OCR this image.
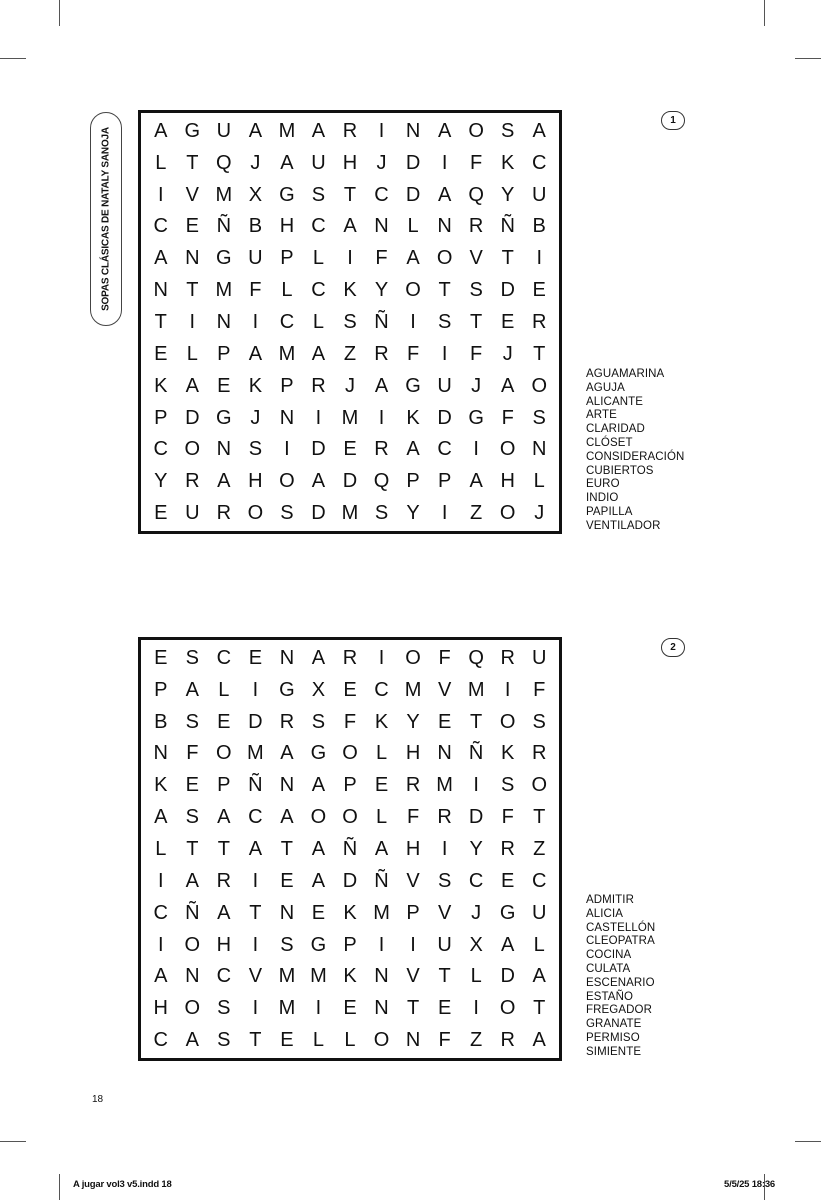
SOPAS CLÁSICAS DE NATALY SANOJA	A G U A M A R	I	N A O S A
L T Q J A U H J D	I	F K C
I	V M X G S T C D A Q Y U
C E Ñ B H C A N L N R Ñ B
A N G U P L	I	F A O V T	I
N T M F L C K Y O T S D E
T	I	N	I	C L S Ñ	I	S T E R
E L P A M A Z R F	I	F	J	T
K A E K P R J A G U J A O
P D G J N	I	M	I	K D G F S
C O N S	I	D E R A C	I	O N
Y R A H O A D Q P P A H L
E U R O S D M S Y	I	Z O J
1
AGUAMARINA
AGUJA
ALICANTE
ARTE
CLARIDAD
CLÓSET
CONSIDERACIÓN
CUBIERTOS
EURO
INDIO
PAPILLA
VENTILADOR
E S C E N A R	I	O F Q R U
P A L	I	G X E C M V M	I	F
B S E D R S F K Y E T O S
N F O M A G O L H N Ñ K R
K E P Ñ N A P E R M	I	S O
A S A C A O O L F R D F T
L T T A T A Ñ A H	I	Y R Z
I	A R	I	E A D Ñ V S C E C
C Ñ A T N E K M P V J G U
I	O H	I	S G P	I	I	U X A L
A N C V M M K N V T L D A
H O S	I	M	I	E N T E	I	O T
C A S T E L	L O N F Z R A
2
ADMITIR
ALICIA
CASTELLÓN
CLEOPATRA
COCINA
CULATA
ESCENARIO
ESTAÑO
FREGADOR
GRANATE
PERMISO
SIMIENTE
18
A jugar vol3 v5.indd 18	5/5/25 18:36
